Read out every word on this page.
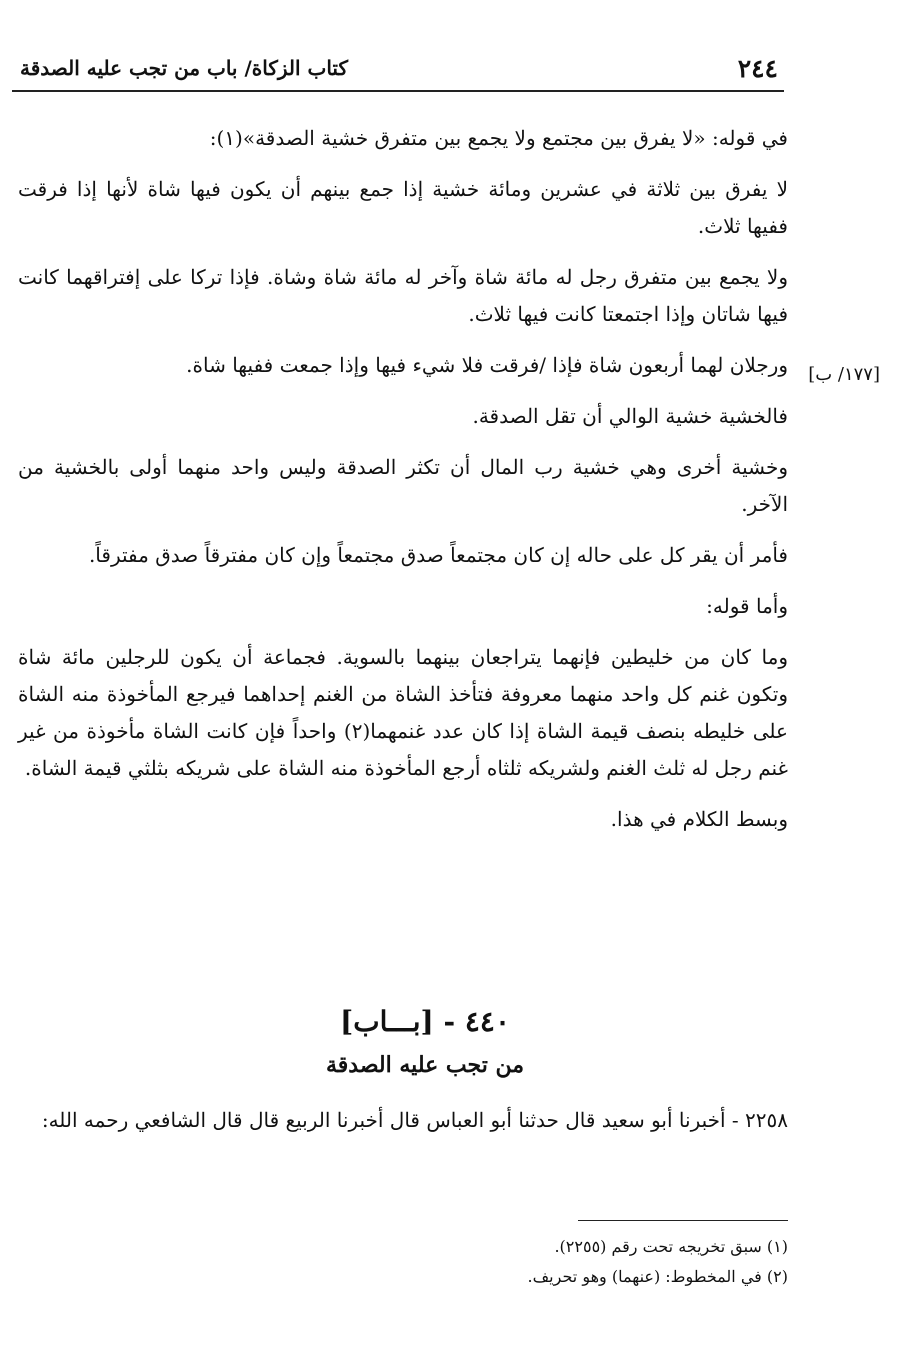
٢٤٤
كتاب الزكاة/ باب من تجب عليه الصدقة
[١٧٧/ ب]

في قوله: «لا يفرق بين مجتمع ولا يجمع بين متفرق خشية الصدقة»(١):

لا يفرق بين ثلاثة في عشرين ومائة خشية إذا جمع بينهم أن يكون فيها شاة لأنها إذا فرقت ففيها ثلاث.

ولا يجمع بين متفرق رجل له مائة شاة وآخر له مائة شاة وشاة. فإذا تركا على إفتراقهما كانت فيها شاتان وإذا اجتمعتا كانت فيها ثلاث.

ورجلان لهما أربعون شاة فإذا /فرقت فلا شيء فيها وإذا جمعت ففيها شاة.

فالخشية خشية الوالي أن تقل الصدقة.

وخشية أخرى وهي خشية رب المال أن تكثر الصدقة وليس واحد منهما أولى بالخشية من الآخر.

فأمر أن يقر كل على حاله إن كان مجتمعاً صدق مجتمعاً وإن كان مفترقاً صدق مفترقاً.

وأما قوله:

وما كان من خليطين فإنهما يتراجعان بينهما بالسوية. فجماعة أن يكون للرجلين مائة شاة وتكون غنم كل واحد منهما معروفة فتأخذ الشاة من الغنم إحداهما فيرجع المأخوذة منه الشاة على خليطه بنصف قيمة الشاة إذا كان عدد غنمهما(٢) واحداً فإن كانت الشاة مأخوذة من غير غنم رجل له ثلث الغنم ولشريكه ثلثاه أرجع المأخوذة منه الشاة على شريكه بثلثي قيمة الشاة.

وبسط الكلام في هذا.

٤٤٠ - [بـــاب]
من تجب عليه الصدقة
٢٢٥٨ - أخبرنا أبو سعيد قال حدثنا أبو العباس قال أخبرنا الربيع قال قال الشافعي رحمه الله:
(١) سبق تخريجه تحت رقم (٢٢٥٥).
(٢) في المخطوط: (عنهما) وهو تحريف.
